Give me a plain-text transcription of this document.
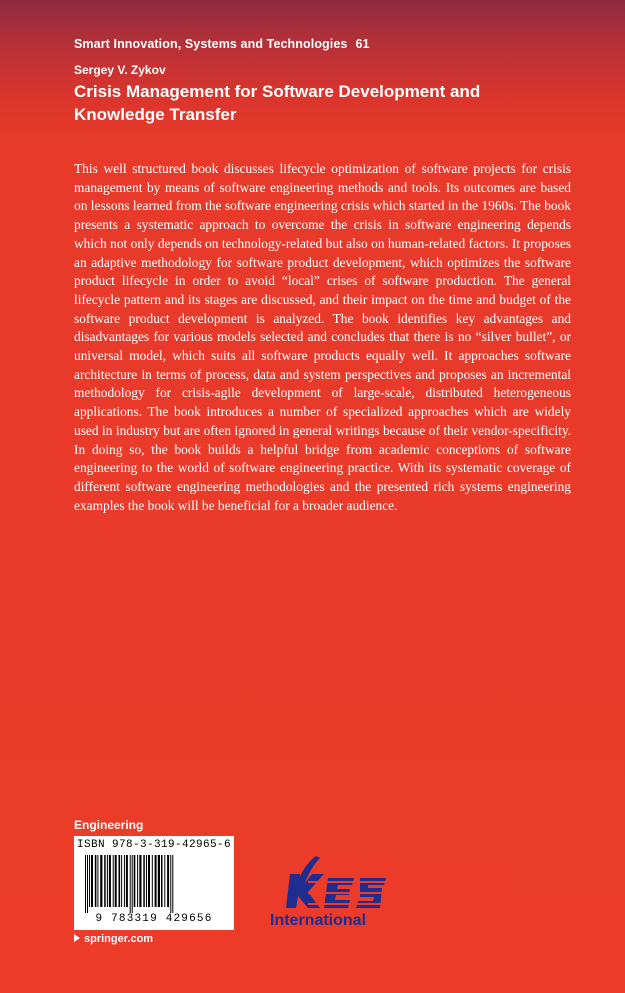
Smart Innovation, Systems and Technologies 61
Sergey V. Zykov
Crisis Management for Software Development and Knowledge Transfer
This well structured book discusses lifecycle optimization of software projects for crisis management by means of software engineering methods and tools. Its outcomes are based on lessons learned from the software engineering crisis which started in the 1960s. The book presents a systematic approach to overcome the crisis in software engineering depends which not only depends on technology-related but also on human-related factors. It proposes an adaptive methodology for software product development, which optimizes the software product lifecycle in order to avoid “local” crises of software production. The general lifecycle pattern and its stages are discussed, and their impact on the time and budget of the software product development is analyzed. The book identifies key advantages and disadvantages for various models selected and concludes that there is no “silver bullet”, or universal model, which suits all software products equally well. It approaches software architecture in terms of process, data and system perspectives and proposes an incremental methodology for crisis-agile development of large-scale, distributed heterogeneous applications. The book introduces a number of specialized approaches which are widely used in industry but are often ignored in general writings because of their vendor-specificity. In doing so, the book builds a helpful bridge from academic conceptions of software engineering to the world of software engineering practice. With its systematic coverage of different software engineering methodologies and the presented rich systems engineering examples the book will be beneficial for a broader audience.
Engineering
ISBN 978-3-319-42965-6
9 783319 429656
springer.com
International
